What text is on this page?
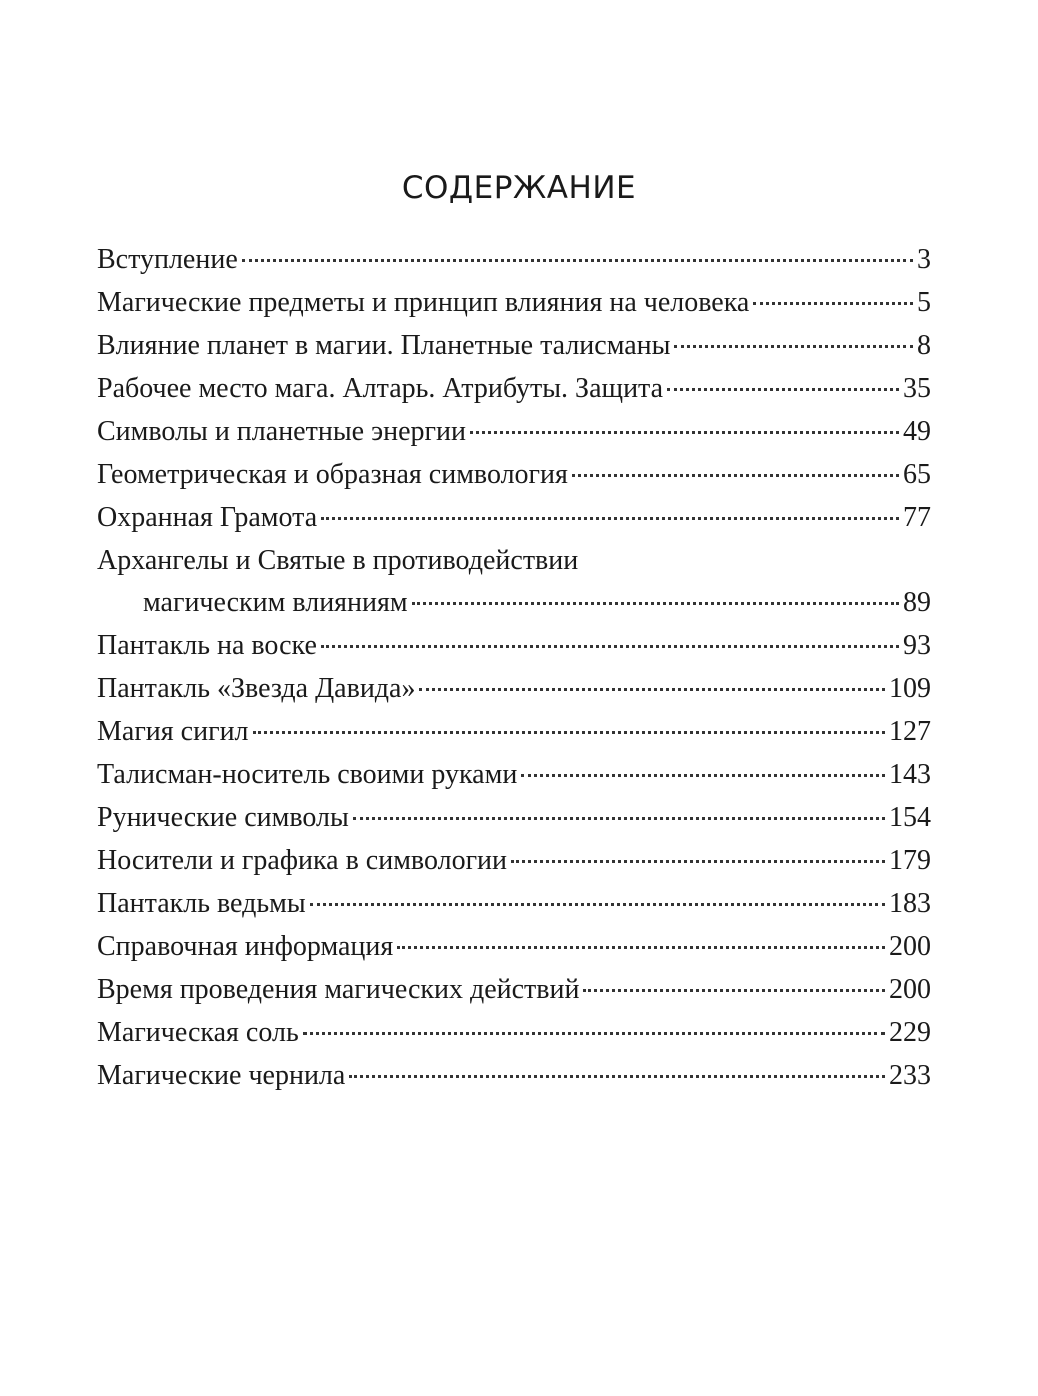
СОДЕРЖАНИЕ
Вступление	3
Магические предметы и принцип влияния на человека	5
Влияние планет в магии. Планетные талисманы	8
Рабочее место мага. Алтарь. Атрибуты. Защита	35
Символы и планетные энергии	49
Геометрическая и образная симвология	65
Охранная Грамота	77
Архангелы и Святые в противодействии
магическим влияниям	89
Пантакль на воске	93
Пантакль «Звезда Давида»	109
Магия сигил	127
Талисман-носитель своими руками	143
Рунические символы	154
Носители и графика в символогии	179
Пантакль ведьмы	183
Справочная информация	200
Время проведения магических действий	200
Магическая соль	229
Магические чернила	233
